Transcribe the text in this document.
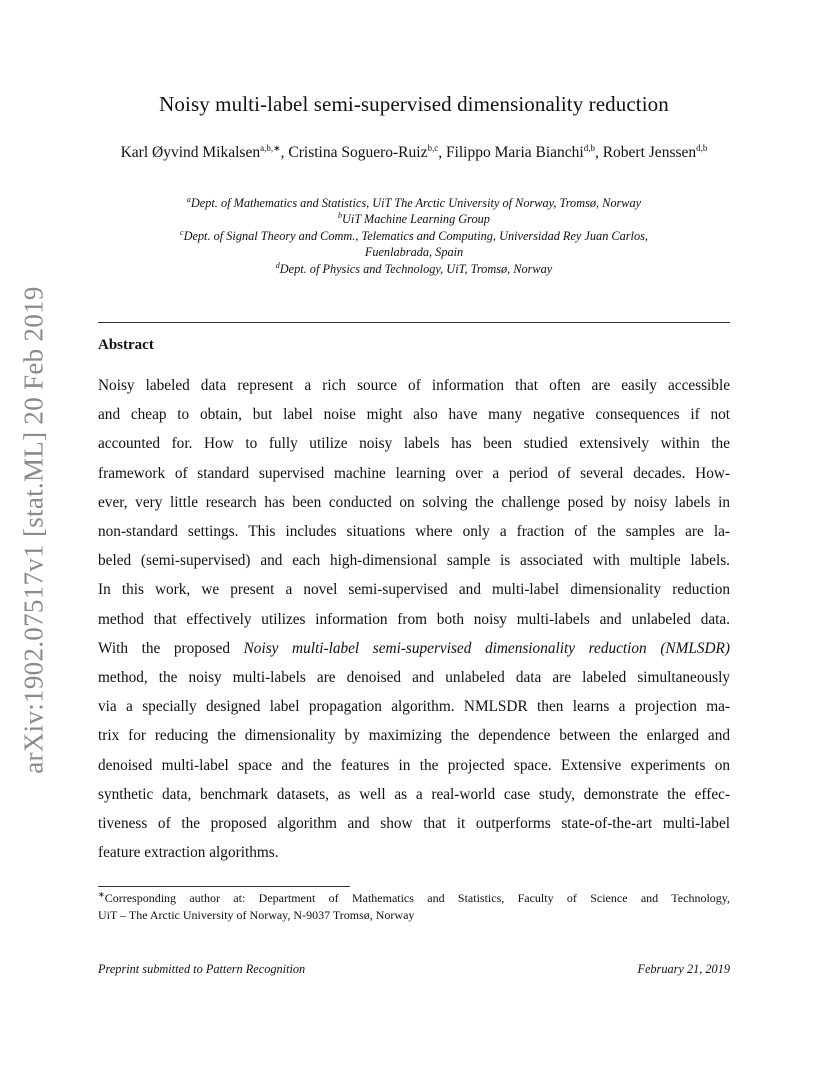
arXiv:1902.07517v1 [stat.ML] 20 Feb 2019
Noisy multi-label semi-supervised dimensionality reduction
Karl Øyvind Mikalsen$^{a,b,∗}$, Cristina Soguero-Ruiz$^{b,c}$, Filippo Maria Bianchi$^{d,b}$, Robert Jenssen$^{d,b}$
$^a$Dept. of Mathematics and Statistics, UiT The Arctic University of Norway, Tromsø, Norway
$^b$UiT Machine Learning Group
$^c$Dept. of Signal Theory and Comm., Telematics and Computing, Universidad Rey Juan Carlos,
Fuenlabrada, Spain
$^d$Dept. of Physics and Technology, UiT, Tromsø, Norway
Abstract
Noisy labeled data represent a rich source of information that often are easily accessible
and cheap to obtain, but label noise might also have many negative consequences if not
accounted for. How to fully utilize noisy labels has been studied extensively within the
framework of standard supervised machine learning over a period of several decades. How-
ever, very little research has been conducted on solving the challenge posed by noisy labels in
non-standard settings. This includes situations where only a fraction of the samples are la-
beled (semi-supervised) and each high-dimensional sample is associated with multiple labels.
In this work, we present a novel semi-supervised and multi-label dimensionality reduction
method that effectively utilizes information from both noisy multi-labels and unlabeled data.
With the proposed Noisy multi-label semi-supervised dimensionality reduction (NMLSDR)
method, the noisy multi-labels are denoised and unlabeled data are labeled simultaneously
via a specially designed label propagation algorithm. NMLSDR then learns a projection ma-
trix for reducing the dimensionality by maximizing the dependence between the enlarged and
denoised multi-label space and the features in the projected space. Extensive experiments on
synthetic data, benchmark datasets, as well as a real-world case study, demonstrate the effec-
tiveness of the proposed algorithm and show that it outperforms state-of-the-art multi-label
feature extraction algorithms.
∗Corresponding author at: Department of Mathematics and Statistics, Faculty of Science and Technology,
UiT – The Arctic University of Norway, N-9037 Tromsø, Norway
Preprint submitted to Pattern Recognition	February 21, 2019
